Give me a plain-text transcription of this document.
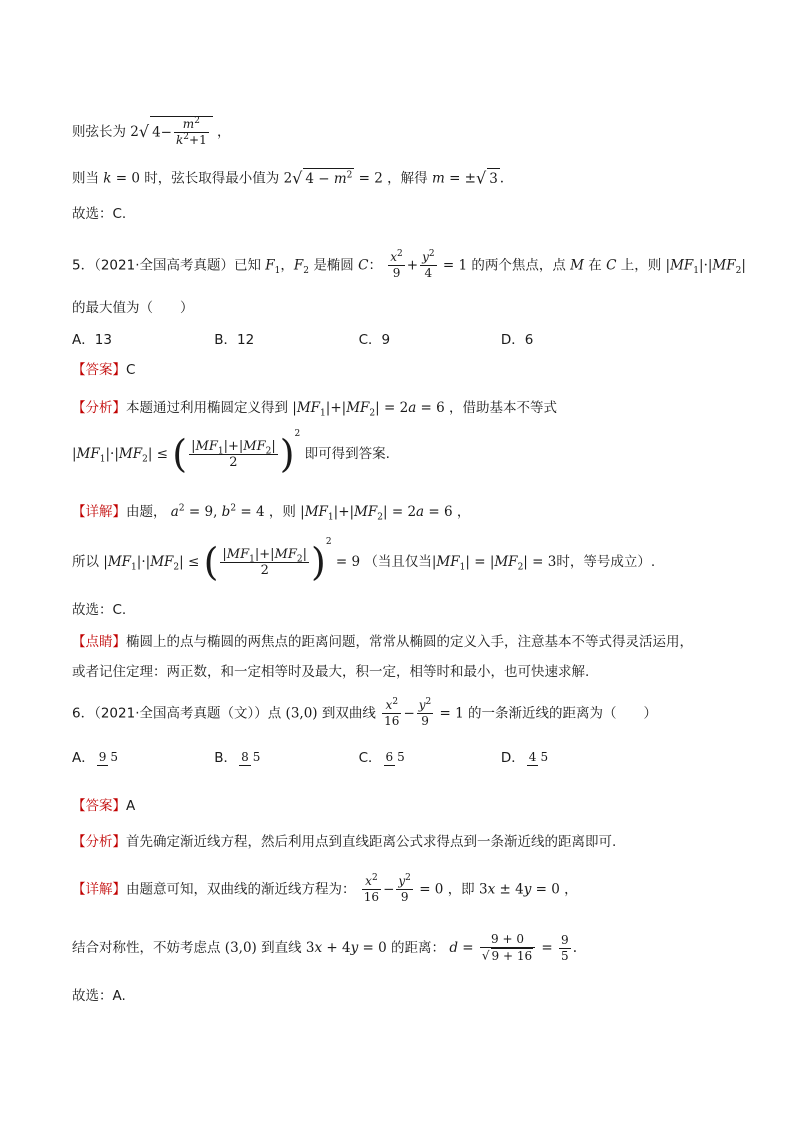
则弦长为 2√ $4- \frac{m^2}{k^2+1}$ ，
则当 k = 0 时，弦长取得最小值为 2√ $4 - m^2 = 2$ ，解得 m = ±√ 3 .
故选：C.
5．（2021·全国高考真题）已知 $F_1$，$F_2$ 是椭圆 C： $\frac{x^2}{9} + \frac{y^2}{4} = 1$ 的两个焦点，点 M 在 C 上，则 $|MF_1|\cdot|MF_2|$
的最大值为（　　）
A．13	B．12	C．9	D．6
【答案】C
【分析】本题通过利用椭圆定义得到 $|MF_1|+|MF_2| = 2a = 6$ ，借助基本不等式
$|MF_1|\cdot|MF_2|$ ≤ ( $\frac{|MF_1|+|MF_2|}{2} )^2$ 即可得到答案.
【详解】由题， $a^2 = 9$, $b^2 = 4$ ，则 $|MF_1|+|MF_2| = 2a = 6$ ，
所以 $|MF_1|\cdot|MF_2|$ ≤ ( $\frac{|MF_1|+|MF_2|}{2} )^2 = 9$ （当且仅当$|MF_1| = |MF_2| = 3$时，等号成立）.
故选：C.
【点睛】椭圆上的点与椭圆的两焦点的距离问题，常常从椭圆的定义入手，注意基本不等式得灵活运用，
或者记住定理：两正数，和一定相等时及最大，积一定，相等时和最小，也可快速求解.
6．（2021·全国高考真题（文））点 (3,0) 到双曲线 $\frac{x^2}{16} - \frac{y^2}{9} = 1$ 的一条渐近线的距离为（　　）
A． 9 5	B． 8 5	C． 6 5	D． 4 5
【答案】A
【分析】首先确定渐近线方程，然后利用点到直线距离公式求得点到一条渐近线的距离即可.
【详解】由题意可知，双曲线的渐近线方程为： $\frac{x^2}{16} - \frac{y^2}{9} = 0$ ，即 3x ± 4y = 0 ，
结合对称性，不妨考虑点 (3,0) 到直线 3x + 4y = 0 的距离： $d = \frac{9 + 0}{√ 9 + 16} = \frac{9}{5}$ .
故选：A.
